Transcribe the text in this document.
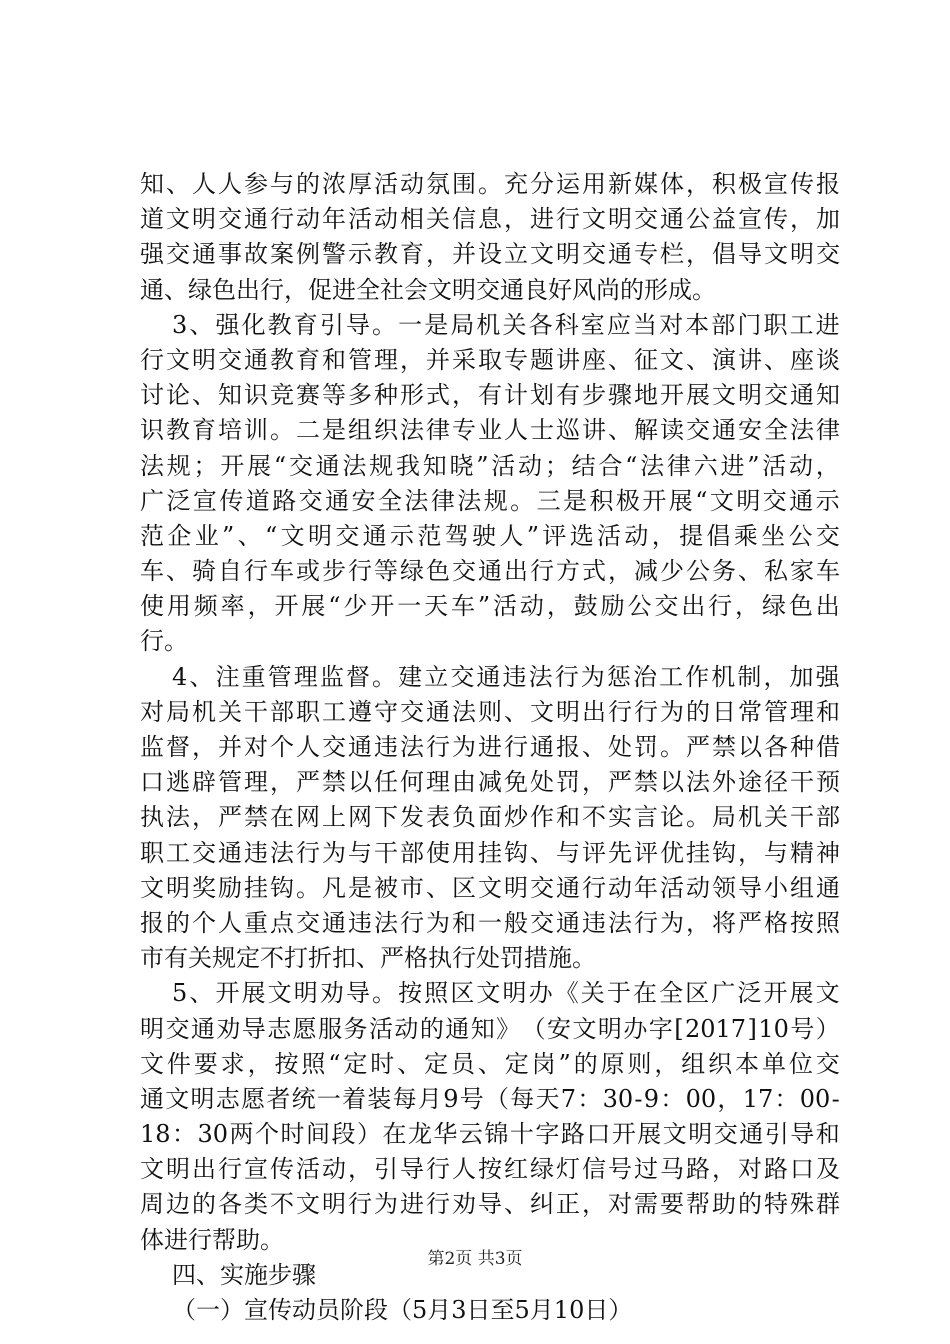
知 、 人 人 参 与 的 浓 厚 活 动 氛 围 。 充 分 运 用 新 媒 体 ， 积 极 宣 传 报
道 文 明 交 通 行 动 年 活 动 相 关 信 息 ， 进 行 文 明 交 通 公 益 宣 传 ， 加
强 交 通 事 故 案 例 警 示 教 育 ， 并 设 立 文 明 交 通 专 栏 ， 倡 导 文 明 交
通、绿色出行，促进全社会文明交通良好风尚的形成。
3 、 强 化 教 育 引 导 。 一 是 局 机 关 各 科 室 应 当 对 本 部 门 职 工 进
行 文 明 交 通 教 育 和 管 理 ， 并 采 取 专 题 讲 座 、 征 文 、 演 讲 、 座 谈
讨 论 、 知 识 竞 赛 等 多 种 形 式 ， 有 计 划 有 步 骤 地 开 展 文 明 交 通 知
识 教 育 培 训 。 二 是 组 织 法 律 专 业 人 士 巡 讲 、 解 读 交 通 安 全 法 律
法 规 ； 开 展 “ 交 通 法 规 我 知 晓 ” 活 动 ； 结 合 “ 法 律 六 进 ” 活 动 ，
广 泛 宣 传 道 路 交 通 安 全 法 律 法 规 。 三 是 积 极 开 展 “ 文 明 交 通 示
范 企 业 ” 、 “ 文 明 交 通 示 范 驾 驶 人 ” 评 选 活 动 ， 提 倡 乘 坐 公 交
车 、 骑 自 行 车 或 步 行 等 绿 色 交 通 出 行 方 式 ， 减 少 公 务 、 私 家 车
使 用 频 率 ， 开 展 “ 少 开 一 天 车 ” 活 动 ， 鼓 励 公 交 出 行 ， 绿 色 出
行。
4 、 注 重 管 理 监 督 。 建 立 交 通 违 法 行 为 惩 治 工 作 机 制 ， 加 强
对 局 机 关 干 部 职 工 遵 守 交 通 法 则 、 文 明 出 行 行 为 的 日 常 管 理 和
监 督 ， 并 对 个 人 交 通 违 法 行 为 进 行 通 报 、 处 罚 。 严 禁 以 各 种 借
口 逃 辟 管 理 ， 严 禁 以 任 何 理 由 减 免 处 罚 ， 严 禁 以 法 外 途 径 干 预
执 法 ， 严 禁 在 网 上 网 下 发 表 负 面 炒 作 和 不 实 言 论 。 局 机 关 干 部
职 工 交 通 违 法 行 为 与 干 部 使 用 挂 钩 、 与 评 先 评 优 挂 钩 ， 与 精 神
文 明 奖 励 挂 钩 。 凡 是 被 市 、 区 文 明 交 通 行 动 年 活 动 领 导 小 组 通
报 的 个 人 重 点 交 通 违 法 行 为 和 一 般 交 通 违 法 行 为 ， 将 严 格 按 照
市有关规定不打折扣、严格执行处罚措施。
5 、 开 展 文 明 劝 导 。 按 照 区 文 明 办 《 关 于 在 全 区 广 泛 开 展 文
明 交 通 劝 导 志 愿 服 务 活 动 的 通 知 》 （ 安 文 明 办 字 [ 2017 ] 10 号 ）
文 件 要 求 ， 按 照 “ 定 时 、 定 员 、 定 岗 ” 的 原 则 ， 组 织 本 单 位 交
通 文 明 志 愿 者 统 一 着 装 每 月 9 号 （ 每 天 7 ： 30 - 9 ： 00 ， 17 ： 00 -
18 ： 30 两 个 时 间 段 ） 在 龙 华 云 锦 十 字 路 口 开 展 文 明 交 通 引 导 和
文 明 出 行 宣 传 活 动 ， 引 导 行 人 按 红 绿 灯 信 号 过 马 路 ， 对 路 口 及
周 边 的 各 类 不 文 明 行 为 进 行 劝 导 、 纠 正 ， 对 需 要 帮 助 的 特 殊 群
体进行帮助。
四、实施步骤
（一）宣传动员阶段（5月3日至5月10日）
第2页 共3页
